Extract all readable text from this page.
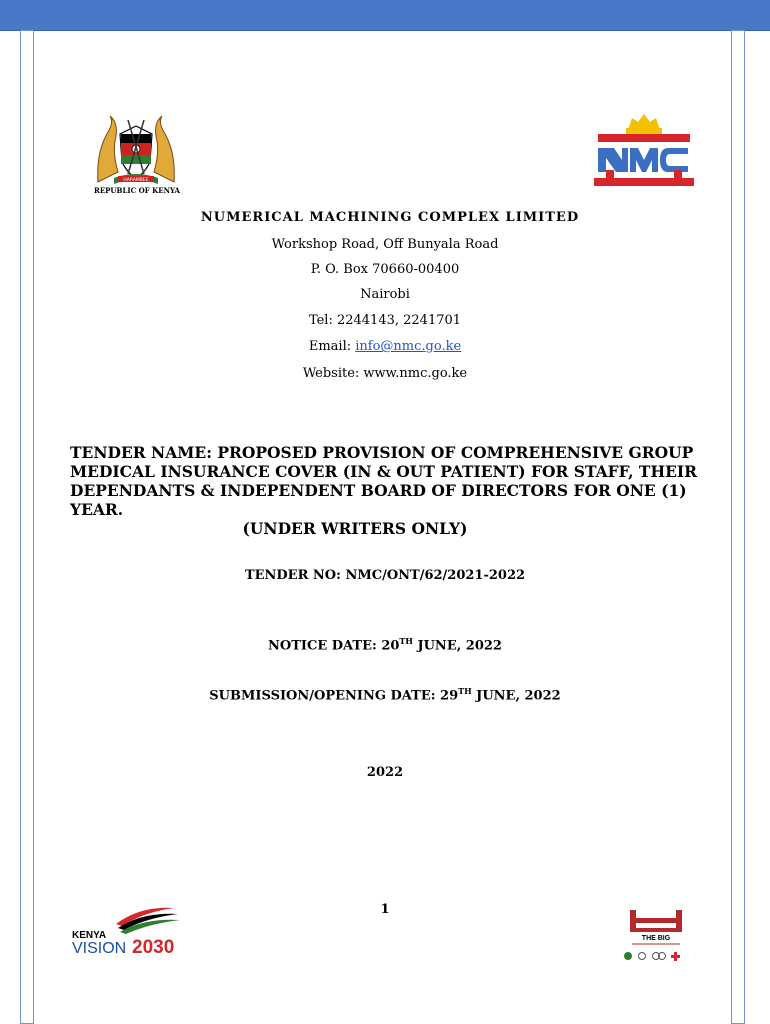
HARAMBEE
REPUBLIC OF KENYA	NMC
NUMERICAL MACHINING COMPLEX LIMITED
Workshop Road, Off Bunyala Road
P. O. Box 70660-00400
Nairobi
Tel: 2244143, 2241701
Email: info@nmc.go.ke
Website: www.nmc.go.ke
TENDER NAME: PROPOSED PROVISION OF COMPREHENSIVE GROUP MEDICAL INSURANCE COVER (IN & OUT PATIENT) FOR STAFF, THEIR DEPENDANTS & INDEPENDENT BOARD OF DIRECTORS FOR ONE (1) YEAR.
(UNDER WRITERS ONLY)
TENDER NO: NMC/ONT/62/2021-2022
NOTICE DATE: 20TH JUNE, 2022
SUBMISSION/OPENING DATE: 29TH JUNE, 2022
2022
1
KENYA
VISION 2030	THE BIG
